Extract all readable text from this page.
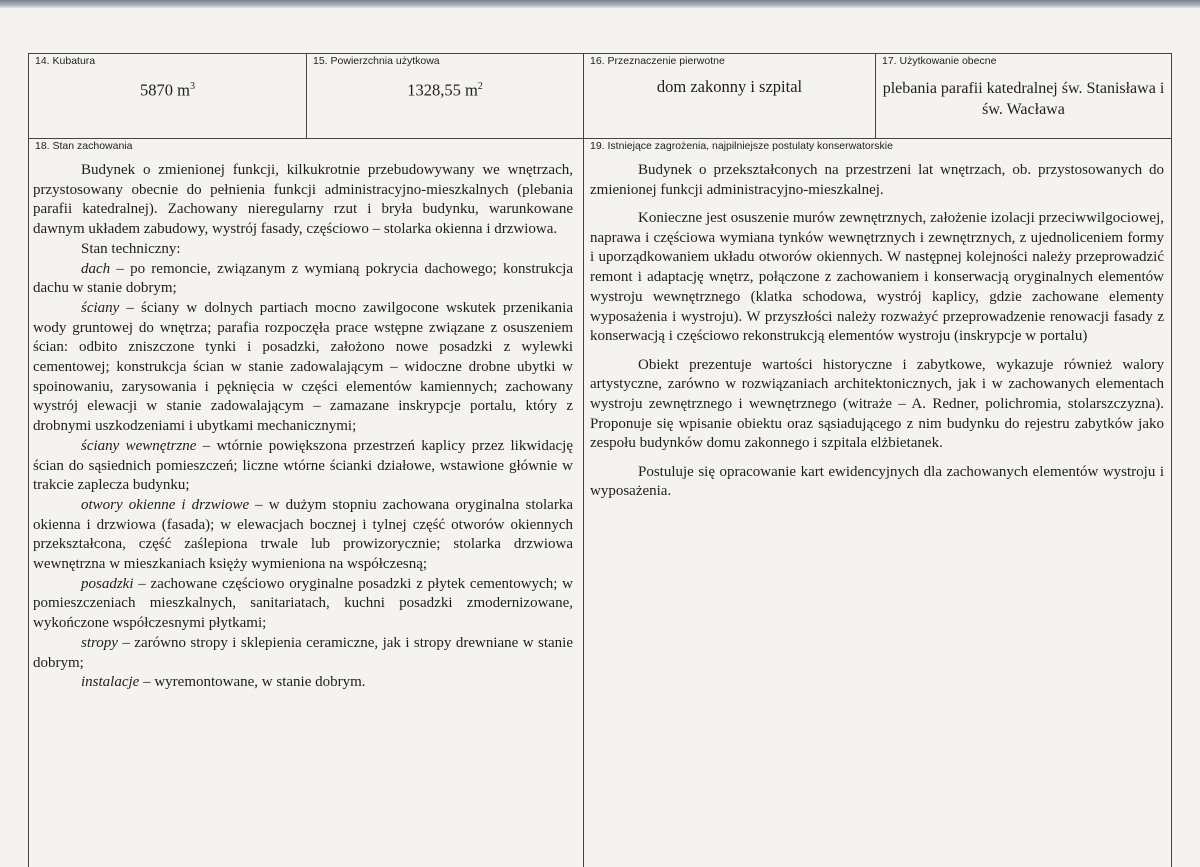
14. Kubatura
5870 $m^3$
15. Powierzchnia użytkowa
1328,55 $m^2$
16. Przeznaczenie pierwotne
dom zakonny i szpital
17. Użytkowanie obecne
plebania parafii katedralnej św. Stanisława i św. Wacława
18. Stan zachowania

Budynek o zmienionej funkcji, kilkukrotnie przebudowywany we wnętrzach, przystosowany obecnie do pełnienia funkcji administracyjno-mieszkalnych (plebania parafii katedralnej). Zachowany nieregularny rzut i bryła budynku, warunkowane dawnym układem zabudowy, wystrój fasady, częściowo – stolarka okienna i drzwiowa.

Stan techniczny:

dach – po remoncie, związanym z wymianą pokrycia dachowego; konstrukcja dachu w stanie dobrym;

ściany – ściany w dolnych partiach mocno zawilgocone wskutek przenikania wody gruntowej do wnętrza; parafia rozpoczęła prace wstępne związane z osuszeniem ścian: odbito zniszczone tynki i posadzki, założono nowe posadzki z wylewki cementowej; konstrukcja ścian w stanie zadowalającym – widoczne drobne ubytki w spoinowaniu, zarysowania i pęknięcia w części elementów kamiennych; zachowany wystrój elewacji w stanie zadowalającym – zamazane inskrypcje portalu, który z drobnymi uszkodzeniami i ubytkami mechanicznymi;

ściany wewnętrzne – wtórnie powiększona przestrzeń kaplicy przez likwidację ścian do sąsiednich pomieszczeń; liczne wtórne ścianki działowe, wstawione głównie w trakcie zaplecza budynku;

otwory okienne i drzwiowe – w dużym stopniu zachowana oryginalna stolarka okienna i drzwiowa (fasada); w elewacjach bocznej i tylnej część otworów okiennych przekształcona, część zaślepiona trwale lub prowizorycznie; stolarka drzwiowa wewnętrzna w mieszkaniach księży wymieniona na współczesną;

posadzki – zachowane częściowo oryginalne posadzki z płytek cementowych; w pomieszczeniach mieszkalnych, sanitariatach, kuchni posadzki zmodernizowane, wykończone współczesnymi płytkami;

stropy – zarówno stropy i sklepienia ceramiczne, jak i stropy drewniane w stanie dobrym;

instalacje – wyremontowane, w stanie dobrym.

19. Istniejące zagrożenia, najpilniejsze postulaty konserwatorskie

Budynek o przekształconych na przestrzeni lat wnętrzach, ob. przystosowanych do zmienionej funkcji administracyjno-mieszkalnej.

Konieczne jest osuszenie murów zewnętrznych, założenie izolacji przeciwwilgociowej, naprawa i częściowa wymiana tynków wewnętrznych i zewnętrznych, z ujednoliceniem formy i uporządkowaniem układu otworów okiennych. W następnej kolejności należy przeprowadzić remont i adaptację wnętrz, połączone z zachowaniem i konserwacją oryginalnych elementów wystroju wewnętrznego (klatka schodowa, wystrój kaplicy, gdzie zachowane elementy wyposażenia i wystroju). W przyszłości należy rozważyć przeprowadzenie renowacji fasady z konserwacją i częściowo rekonstrukcją elementów wystroju (inskrypcje w portalu)

Obiekt prezentuje wartości historyczne i zabytkowe, wykazuje również walory artystyczne, zarówno w rozwiązaniach architektonicznych, jak i w zachowanych elementach wystroju zewnętrznego i wewnętrznego (witraże – A. Redner, polichromia, stolarszczyzna). Proponuje się wpisanie obiektu oraz sąsiadującego z nim budynku do rejestru zabytków jako zespołu budynków domu zakonnego i szpitala elżbietanek.

Postuluje się opracowanie kart ewidencyjnych dla zachowanych elementów wystroju i wyposażenia.
